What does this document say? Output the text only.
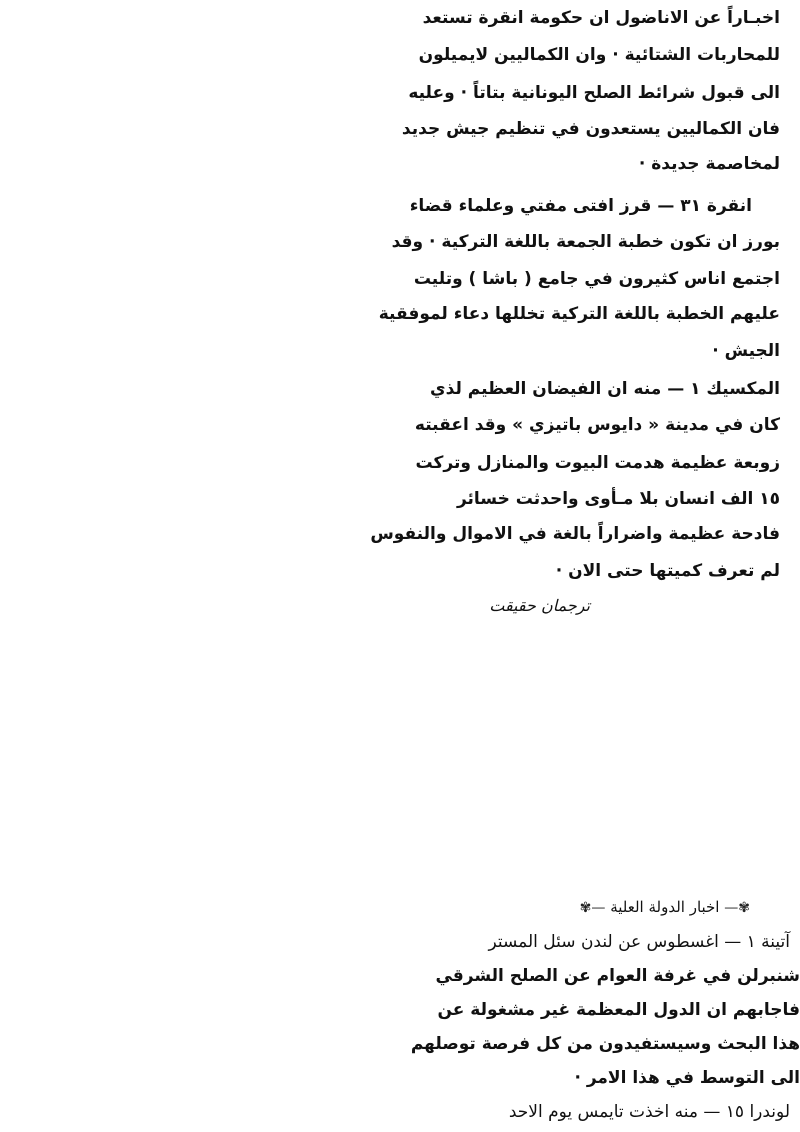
اخبـاراً عن الاناضول ان حكومة انقرة تستعد
للمحاربات الشتائية · وان الكماليين لايميلون
الى قبول شرائط الصلح اليونانية بتاتاً · وعليه
فان الكماليين يستعدون في تنظيم جيش جديد
لمخاصمة جديدة ·
انقرة ٣١ — قرز افتى مفتي وعلماء قضاء
بورز ان تكون خطبة الجمعة باللغة التركية · وقد
اجتمع اناس كثيرون في جامع ( باشا ) وتليت
عليهم الخطبة باللغة التركية تخللها دعاء لموفقية
الجيش ·
المكسيك ١ — منه ان الفيضان العظيم لذي
كان في مدينة « دايوس باتيزي » وقد اعقبته
زوبعة عظيمة هدمت البيوت والمنازل وتركت
١٥ الف انسان بلا مـأوى واحدثت خسائر
فادحة عظيمة واضراراً بالغة في الاموال والنفوس
لم تعرف كميتها حتى الان ·
ترجمان حقيقت
✾— اخبار الدولة العلية —✾
آتينة ١ — اغسطوس عن لندن سئل المستر
شنبرلن في غرفة العوام عن الصلح الشرقي
فاجابهم ان الدول المعظمة غير مشغولة عن
هذا البحث وسيستفيدون من كل فرصة توصلهم
الى التوسط في هذا الامر ·
لوندرا ١٥ — منه اخذت تايمس يوم الاحد
